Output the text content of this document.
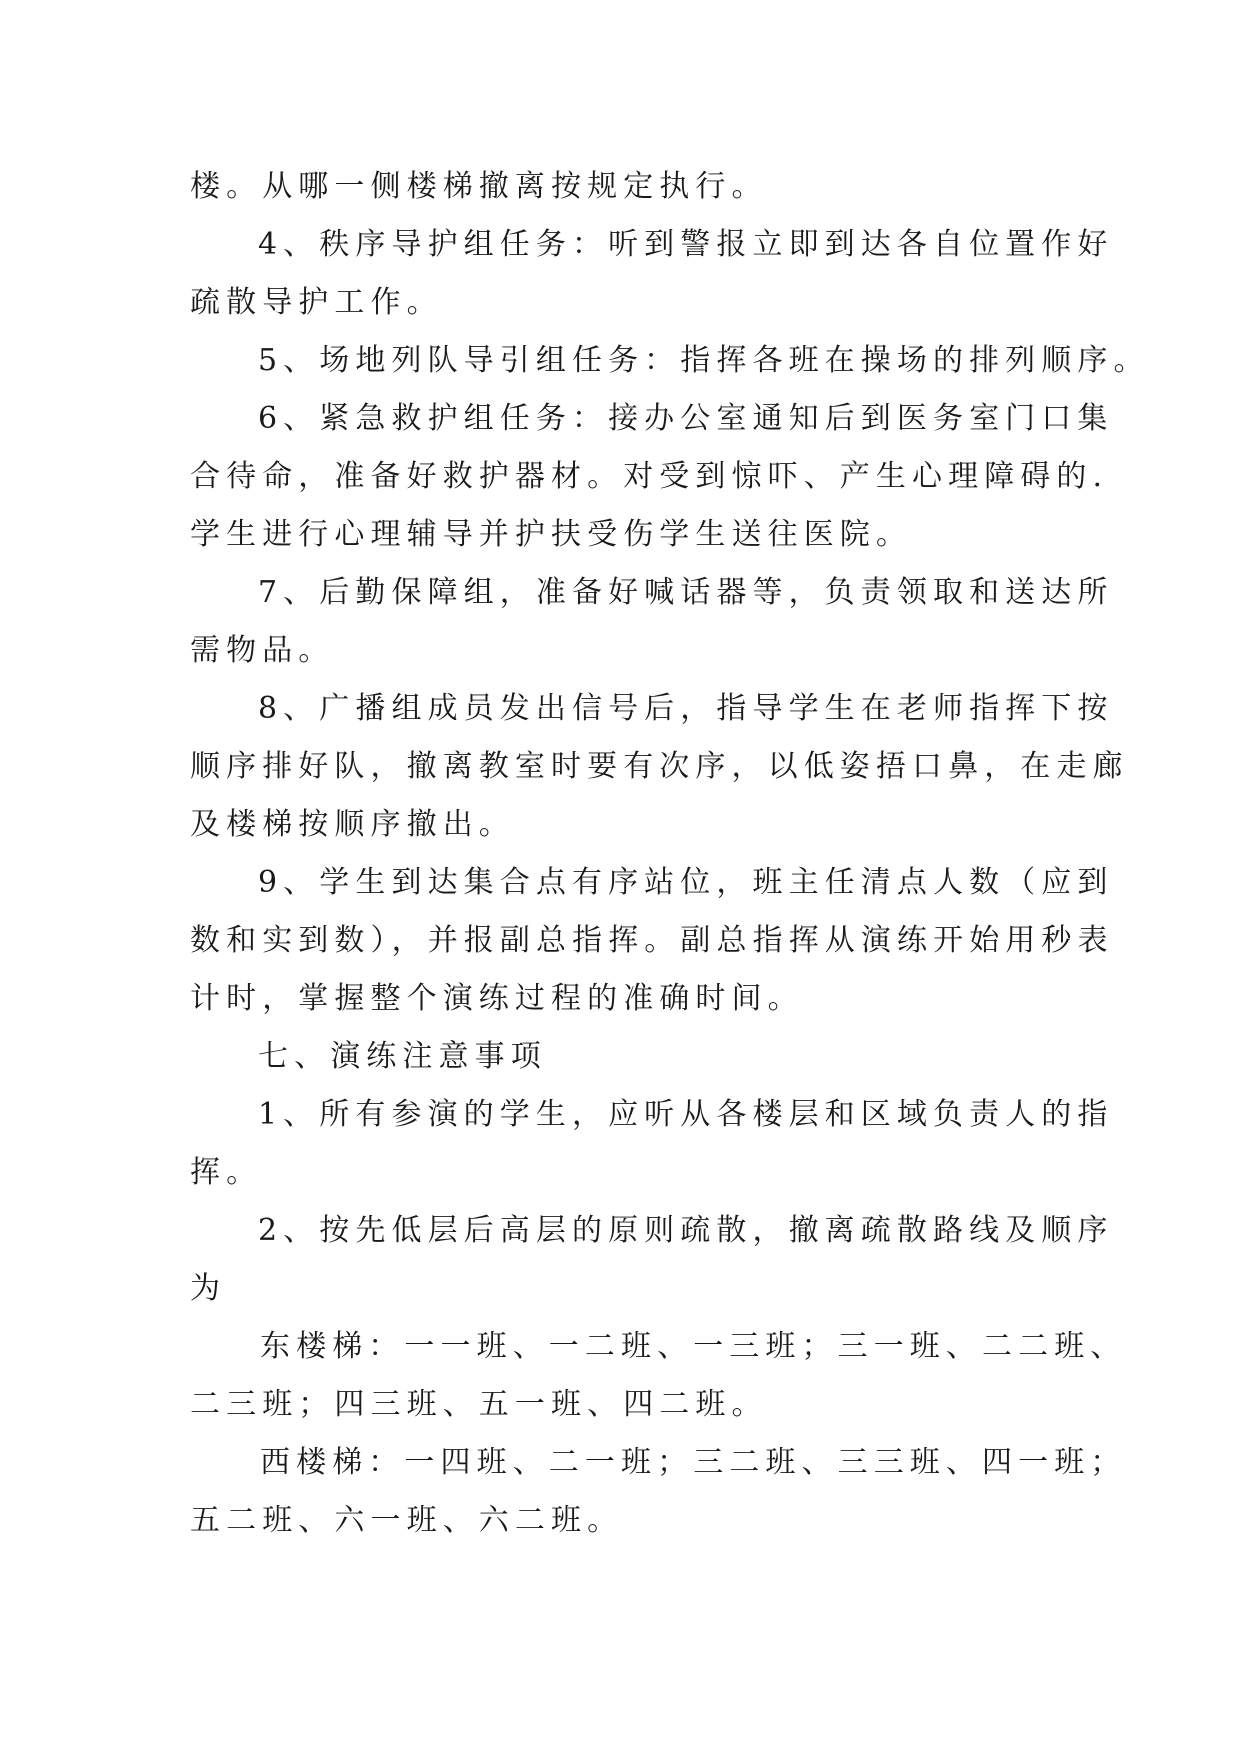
楼。从哪一侧楼梯撤离按规定执行。

4、秩序导护组任务：听到警报立即到达各自位置作好

疏散导护工作。

5、场地列队导引组任务：指挥各班在操场的排列顺序。

6、紧急救护组任务：接办公室通知后到医务室门口集

合待命，准备好救护器材。对受到惊吓、产生心理障碍的.

学生进行心理辅导并护扶受伤学生送往医院。

7、后勤保障组，准备好喊话器等，负责领取和送达所

需物品。

8、广播组成员发出信号后，指导学生在老师指挥下按

顺序排好队，撤离教室时要有次序，以低姿捂口鼻，在走廊

及楼梯按顺序撤出。

9、学生到达集合点有序站位，班主任清点人数（应到

数和实到数），并报副总指挥。副总指挥从演练开始用秒表

计时，掌握整个演练过程的准确时间。

七、演练注意事项

1、所有参演的学生，应听从各楼层和区域负责人的指

挥。

2、按先低层后高层的原则疏散，撤离疏散路线及顺序

为

东楼梯：一一班、一二班、一三班；三一班、二二班、

二三班；四三班、五一班、四二班。

西楼梯：一四班、二一班；三二班、三三班、四一班；

五二班、六一班、六二班。
